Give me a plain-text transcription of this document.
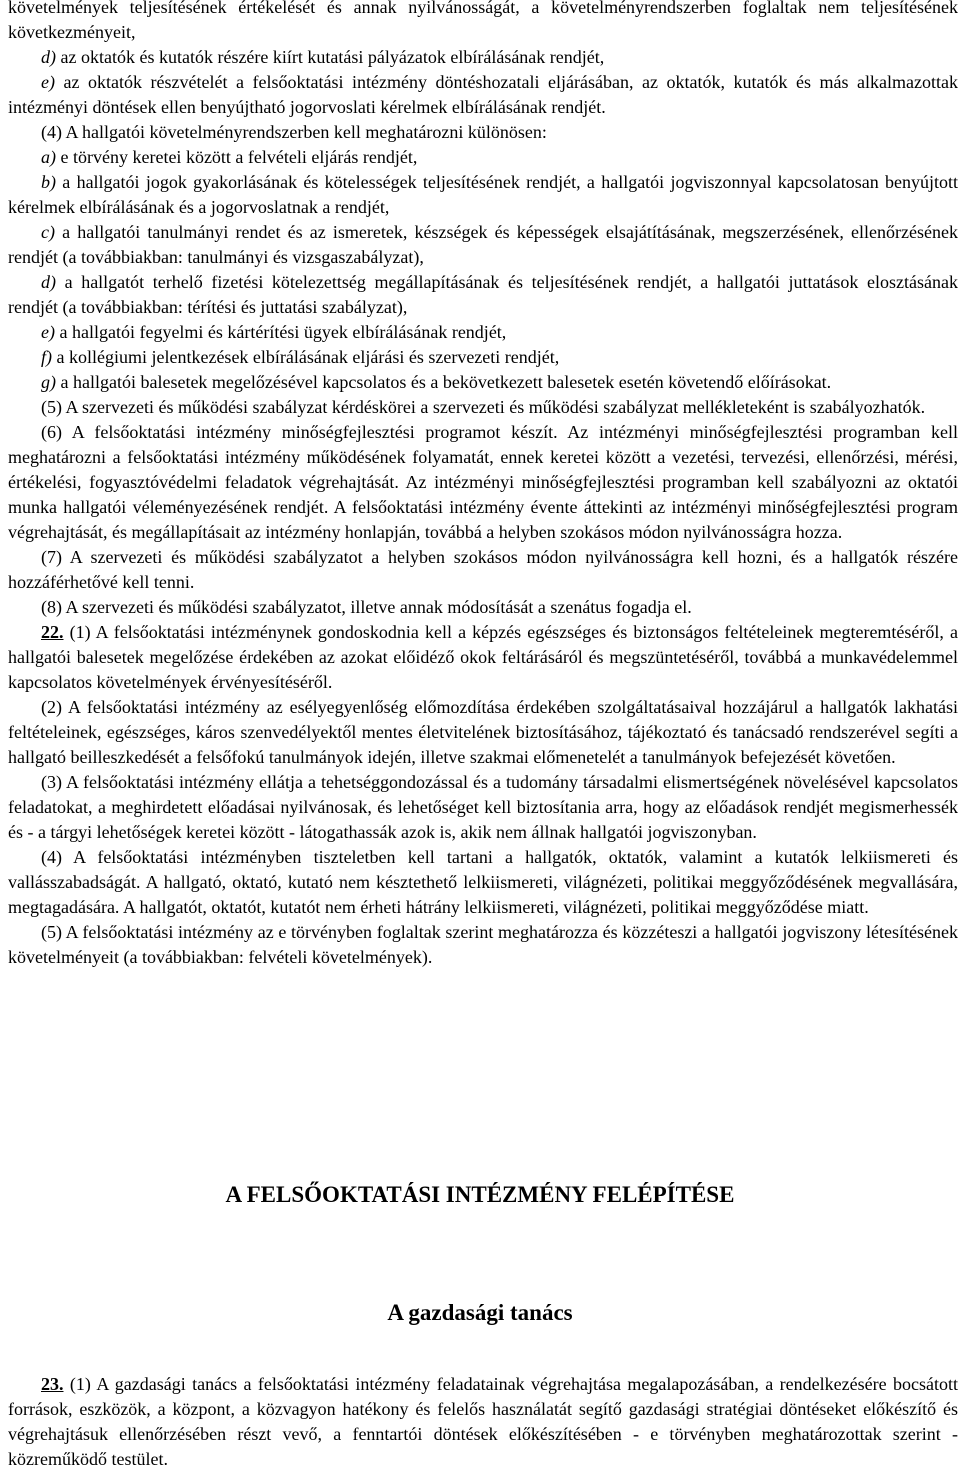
követelmények teljesítésének értékelését és annak nyilvánosságát, a követelményrendszerben foglaltak nem teljesítésének következményeit,

d) az oktatók és kutatók részére kiírt kutatási pályázatok elbírálásának rendjét,

e) az oktatók részvételét a felsőoktatási intézmény döntéshozatali eljárásában, az oktatók, kutatók és más alkalmazottak intézményi döntések ellen benyújtható jogorvoslati kérelmek elbírálásának rendjét.

(4) A hallgatói követelményrendszerben kell meghatározni különösen:

a) e törvény keretei között a felvételi eljárás rendjét,

b) a hallgatói jogok gyakorlásának és kötelességek teljesítésének rendjét, a hallgatói jogviszonnyal kapcsolatosan benyújtott kérelmek elbírálásának és a jogorvoslatnak a rendjét,

c) a hallgatói tanulmányi rendet és az ismeretek, készségek és képességek elsajátításának, megszerzésének, ellenőrzésének rendjét (a továbbiakban: tanulmányi és vizsgaszabályzat),

d) a hallgatót terhelő fizetési kötelezettség megállapításának és teljesítésének rendjét, a hallgatói juttatások elosztásának rendjét (a továbbiakban: térítési és juttatási szabályzat),

e) a hallgatói fegyelmi és kártérítési ügyek elbírálásának rendjét,

f) a kollégiumi jelentkezések elbírálásának eljárási és szervezeti rendjét,

g) a hallgatói balesetek megelőzésével kapcsolatos és a bekövetkezett balesetek esetén követendő előírásokat.

(5) A szervezeti és működési szabályzat kérdéskörei a szervezeti és működési szabályzat mellékleteként is szabályozhatók.

(6) A felsőoktatási intézmény minőségfejlesztési programot készít. Az intézményi minőségfejlesztési programban kell meghatározni a felsőoktatási intézmény működésének folyamatát, ennek keretei között a vezetési, tervezési, ellenőrzési, mérési, értékelési, fogyasztóvédelmi feladatok végrehajtását. Az intézményi minőségfejlesztési programban kell szabályozni az oktatói munka hallgatói véleményezésének rendjét. A felsőoktatási intézmény évente áttekinti az intézményi minőségfejlesztési program végrehajtását, és megállapításait az intézmény honlapján, továbbá a helyben szokásos módon nyilvánosságra hozza.

(7) A szervezeti és működési szabályzatot a helyben szokásos módon nyilvánosságra kell hozni, és a hallgatók részére hozzáférhetővé kell tenni.

(8) A szervezeti és működési szabályzatot, illetve annak módosítását a szenátus fogadja el.

22. (1) A felsőoktatási intézménynek gondoskodnia kell a képzés egészséges és biztonságos feltételeinek megteremtéséről, a hallgatói balesetek megelőzése érdekében az azokat előidéző okok feltárásáról és megszüntetéséről, továbbá a munkavédelemmel kapcsolatos követelmények érvényesítéséről.

(2) A felsőoktatási intézmény az esélyegyenlőség előmozdítása érdekében szolgáltatásaival hozzájárul a hallgatók lakhatási feltételeinek, egészséges, káros szenvedélyektől mentes életvitelének biztosításához, tájékoztató és tanácsadó rendszerével segíti a hallgató beilleszkedését a felsőfokú tanulmányok idején, illetve szakmai előmenetelét a tanulmányok befejezését követően.

(3) A felsőoktatási intézmény ellátja a tehetséggondozással és a tudomány társadalmi elismertségének növelésével kapcsolatos feladatokat, a meghirdetett előadásai nyilvánosak, és lehetőséget kell biztosítania arra, hogy az előadások rendjét megismerhessék és - a tárgyi lehetőségek keretei között - látogathassák azok is, akik nem állnak hallgatói jogviszonyban.

(4) A felsőoktatási intézményben tiszteletben kell tartani a hallgatók, oktatók, valamint a kutatók lelkiismereti és vallásszabadságát. A hallgató, oktató, kutató nem késztethető lelkiismereti, világnézeti, politikai meggyőződésének megvallására, megtagadására. A hallgatót, oktatót, kutatót nem érheti hátrány lelkiismereti, világnézeti, politikai meggyőződése miatt.

(5) A felsőoktatási intézmény az e törvényben foglaltak szerint meghatározza és közzéteszi a hallgatói jogviszony létesítésének követelményeit (a továbbiakban: felvételi követelmények).

A FELSŐOKTATÁSI INTÉZMÉNY FELÉPÍTÉSE
A gazdasági tanács

23. (1) A gazdasági tanács a felsőoktatási intézmény feladatainak végrehajtása megalapozásában, a rendelkezésére bocsátott források, eszközök, a központ, a közvagyon hatékony és felelős használatát segítő gazdasági stratégiai döntéseket előkészítő és végrehajtásuk ellenőrzésében részt vevő, a fenntartói döntések előkészítésében - e törvényben meghatározottak szerint - közreműködő testület.
